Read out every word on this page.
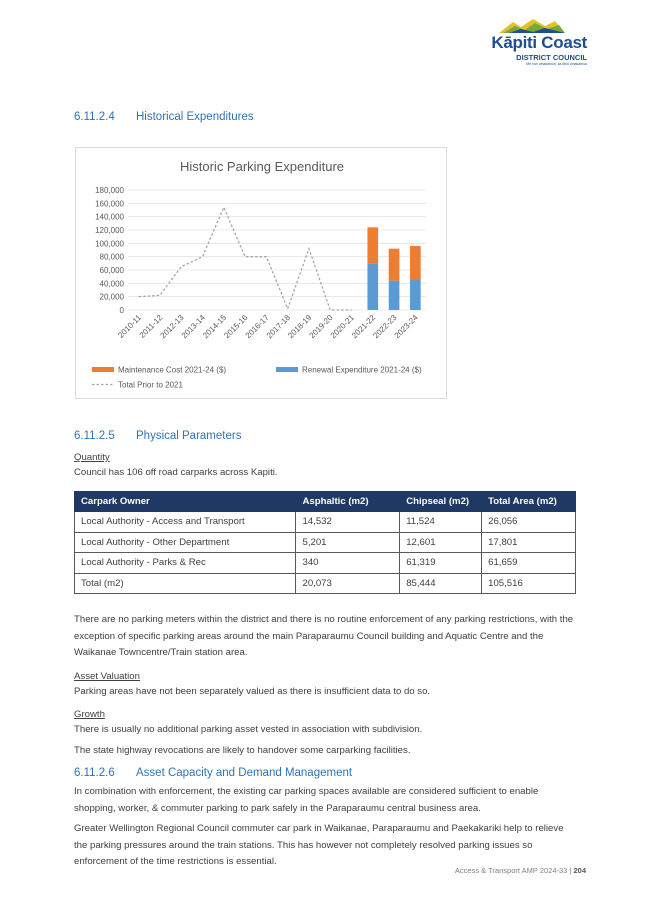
Kāpiti Coast
DISTRICT COUNCIL
Me huri whakamuri, ka titiro whakamua
6.11.2.4 Historical Expenditures
Historic Parking Expenditure
180,000
160,000
140,000
120,000
100,000
80,000
60,000
40,000
20,000
0
2010-11
2011-12
2012-13
2013-14
2014-15
2015-16
2016-17
2017-18
2018-19
2019-20
2020-21
2021-22
2022-23
2023-24
Maintenance Cost 2021-24 ($)	Renewal Expenditure 2021-24 ($)
Total Prior to 2021
6.11.2.5 Physical Parameters
Quantity
Council has 106 off road carparks across Kapiti.
Carpark Owner	Asphaltic (m2)	Chipseal (m2)	Total Area (m2)
Local Authority - Access and Transport	14,532	11,524	26,056
Local Authority - Other Department	5,201	12,601	17,801
Local Authority - Parks & Rec	340	61,319	61,659
Total (m2)	20,073	85,444	105,516
There are no parking meters within the district and there is no routine enforcement of any parking restrictions, with the exception of specific parking areas around the main Paraparaumu Council building and Aquatic Centre and the Waikanae Towncentre/Train station area.
Asset Valuation
Parking areas have not been separately valued as there is insufficient data to do so.
Growth
There is usually no additional parking asset vested in association with subdivision.
The state highway revocations are likely to handover some carparking facilities.
6.11.2.6 Asset Capacity and Demand Management
In combination with enforcement, the existing car parking spaces available are considered sufficient to enable shopping, worker, & commuter parking to park safely in the Paraparaumu central business area.
Greater Wellington Regional Council commuter car park in Waikanae, Paraparaumu and Paekakariki help to relieve the parking pressures around the train stations. This has however not completely resolved parking issues so enforcement of the time restrictions is essential.
Access & Transport AMP 2024-33 | 204
